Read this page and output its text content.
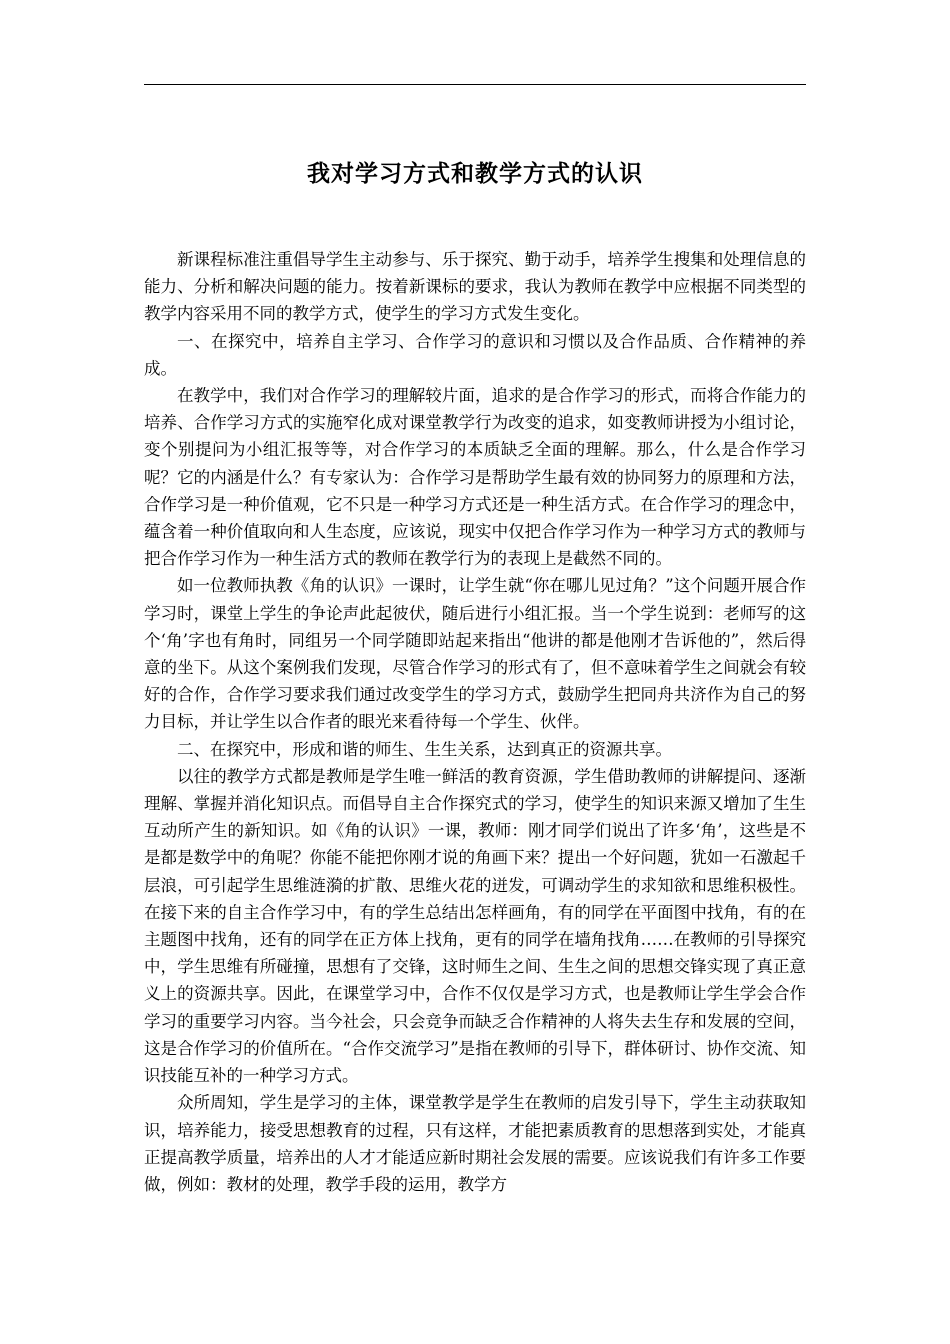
我对学习方式和教学方式的认识

新课程标准注重倡导学生主动参与、乐于探究、勤于动手，培养学生搜集和处理信息的能力、分析和解决问题的能力。按着新课标的要求，我认为教师在教学中应根据不同类型的教学内容采用不同的教学方式，使学生的学习方式发生变化。

一、在探究中，培养自主学习、合作学习的意识和习惯以及合作品质、合作精神的养成。

在教学中，我们对合作学习的理解较片面，追求的是合作学习的形式，而将合作能力的培养、合作学习方式的实施窄化成对课堂教学行为改变的追求，如变教师讲授为小组讨论，变个别提问为小组汇报等等，对合作学习的本质缺乏全面的理解。那么，什么是合作学习呢？它的内涵是什么？有专家认为：合作学习是帮助学生最有效的协同努力的原理和方法，合作学习是一种价值观，它不只是一种学习方式还是一种生活方式。在合作学习的理念中，蕴含着一种价值取向和人生态度，应该说，现实中仅把合作学习作为一种学习方式的教师与把合作学习作为一种生活方式的教师在教学行为的表现上是截然不同的。

如一位教师执教《角的认识》一课时，让学生就“你在哪儿见过角？”这个问题开展合作学习时，课堂上学生的争论声此起彼伏，随后进行小组汇报。当一个学生说到：老师写的这个‘角’字也有角时，同组另一个同学随即站起来指出“他讲的都是他刚才告诉他的”，然后得意的坐下。从这个案例我们发现，尽管合作学习的形式有了，但不意味着学生之间就会有较好的合作，合作学习要求我们通过改变学生的学习方式，鼓励学生把同舟共济作为自己的努力目标，并让学生以合作者的眼光来看待每一个学生、伙伴。

二、在探究中，形成和谐的师生、生生关系，达到真正的资源共享。

以往的教学方式都是教师是学生唯一鲜活的教育资源，学生借助教师的讲解提问、逐渐理解、掌握并消化知识点。而倡导自主合作探究式的学习，使学生的知识来源又增加了生生互动所产生的新知识。如《角的认识》一课，教师：刚才同学们说出了许多‘角’，这些是不是都是数学中的角呢？你能不能把你刚才说的角画下来？提出一个好问题，犹如一石激起千层浪，可引起学生思维涟漪的扩散、思维火花的迸发，可调动学生的求知欲和思维积极性。在接下来的自主合作学习中，有的学生总结出怎样画角，有的同学在平面图中找角，有的在主题图中找角，还有的同学在正方体上找角，更有的同学在墙角找角……在教师的引导探究中，学生思维有所碰撞，思想有了交锋，这时师生之间、生生之间的思想交锋实现了真正意义上的资源共享。因此，在课堂学习中，合作不仅仅是学习方式，也是教师让学生学会合作学习的重要学习内容。当今社会，只会竞争而缺乏合作精神的人将失去生存和发展的空间，这是合作学习的价值所在。“合作交流学习”是指在教师的引导下，群体研讨、协作交流、知识技能互补的一种学习方式。

众所周知，学生是学习的主体，课堂教学是学生在教师的启发引导下，学生主动获取知识，培养能力，接受思想教育的过程，只有这样，才能把素质教育的思想落到实处，才能真正提高教学质量，培养出的人才才能适应新时期社会发展的需要。应该说我们有许多工作要做，例如：教材的处理，教学手段的运用，教学方
